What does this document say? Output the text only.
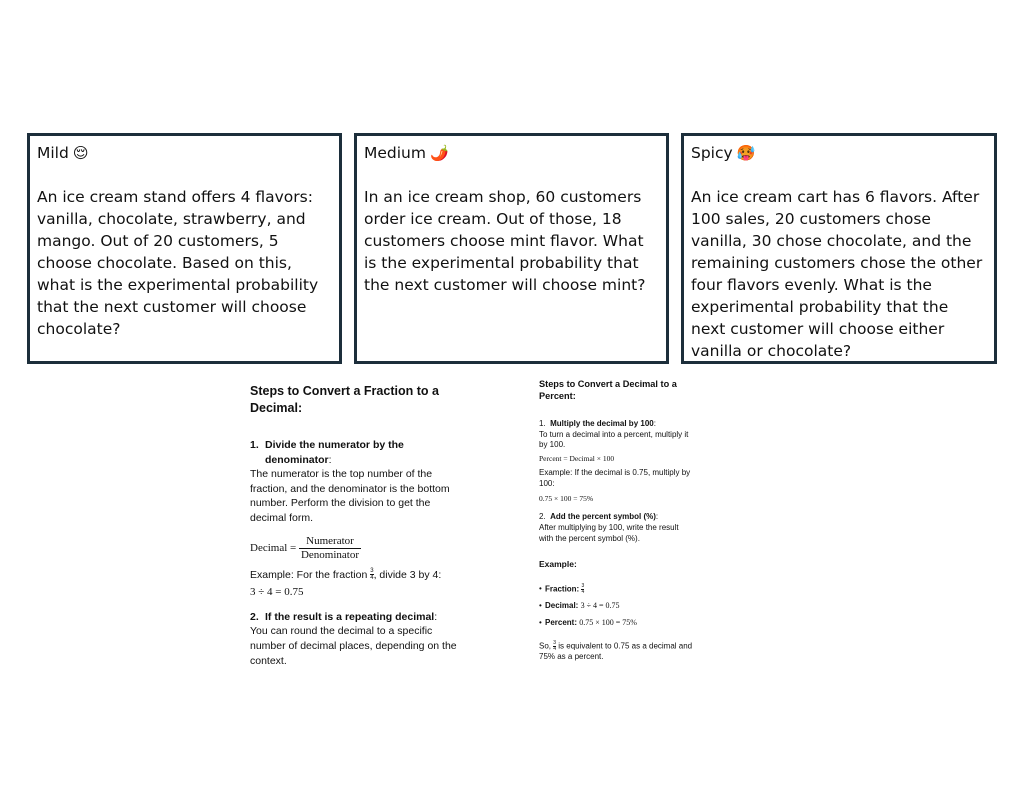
Mild 😌
An ice cream stand offers 4 flavors: vanilla, chocolate, strawberry, and mango. Out of 20 customers, 5 choose chocolate. Based on this, what is the experimental probability that the next customer will choose chocolate?
Medium 🌶️
In an ice cream shop, 60 customers order ice cream. Out of those, 18 customers choose mint flavor. What is the experimental probability that the next customer will choose mint?
Spicy 🥵
An ice cream cart has 6 flavors. After 100 sales, 20 customers chose vanilla, 30 chose chocolate, and the remaining customers chose the other four flavors evenly. What is the experimental probability that the next customer will choose either vanilla or chocolate?

Steps to Convert a Fraction to a Decimal:

1. Divide the numerator by the
denominator:

The numerator is the top number of the fraction, and the denominator is the bottom number. Perform the division to get the decimal form.

Decimal = $\frac{\text{Numerator}}{\text{Denominator}}$

Example: For the fraction $\frac{3}{4}$ , divide 3 by 4:

3 ÷ 4 = 0.75

2. If the result is a repeating decimal:

You can round the decimal to a specific number of decimal places, depending on the context.

Steps to Convert a Decimal to a Percent:

1. Multiply the decimal by 100:

To turn a decimal into a percent, multiply it by 100.

Percent = Decimal × 100

Example: If the decimal is 0.75, multiply by 100:

0.75 × 100 = 75%

2. Add the percent symbol (%):

After multiplying by 100, write the result with the percent symbol (%).

Example:

• Fraction: $\frac{3}{4}$

• Decimal: 3 ÷ 4 = 0.75

• Percent: 0.75 × 100 = 75%

So, $\frac{3}{4}$ is equivalent to 0.75 as a decimal and 75% as a percent.
